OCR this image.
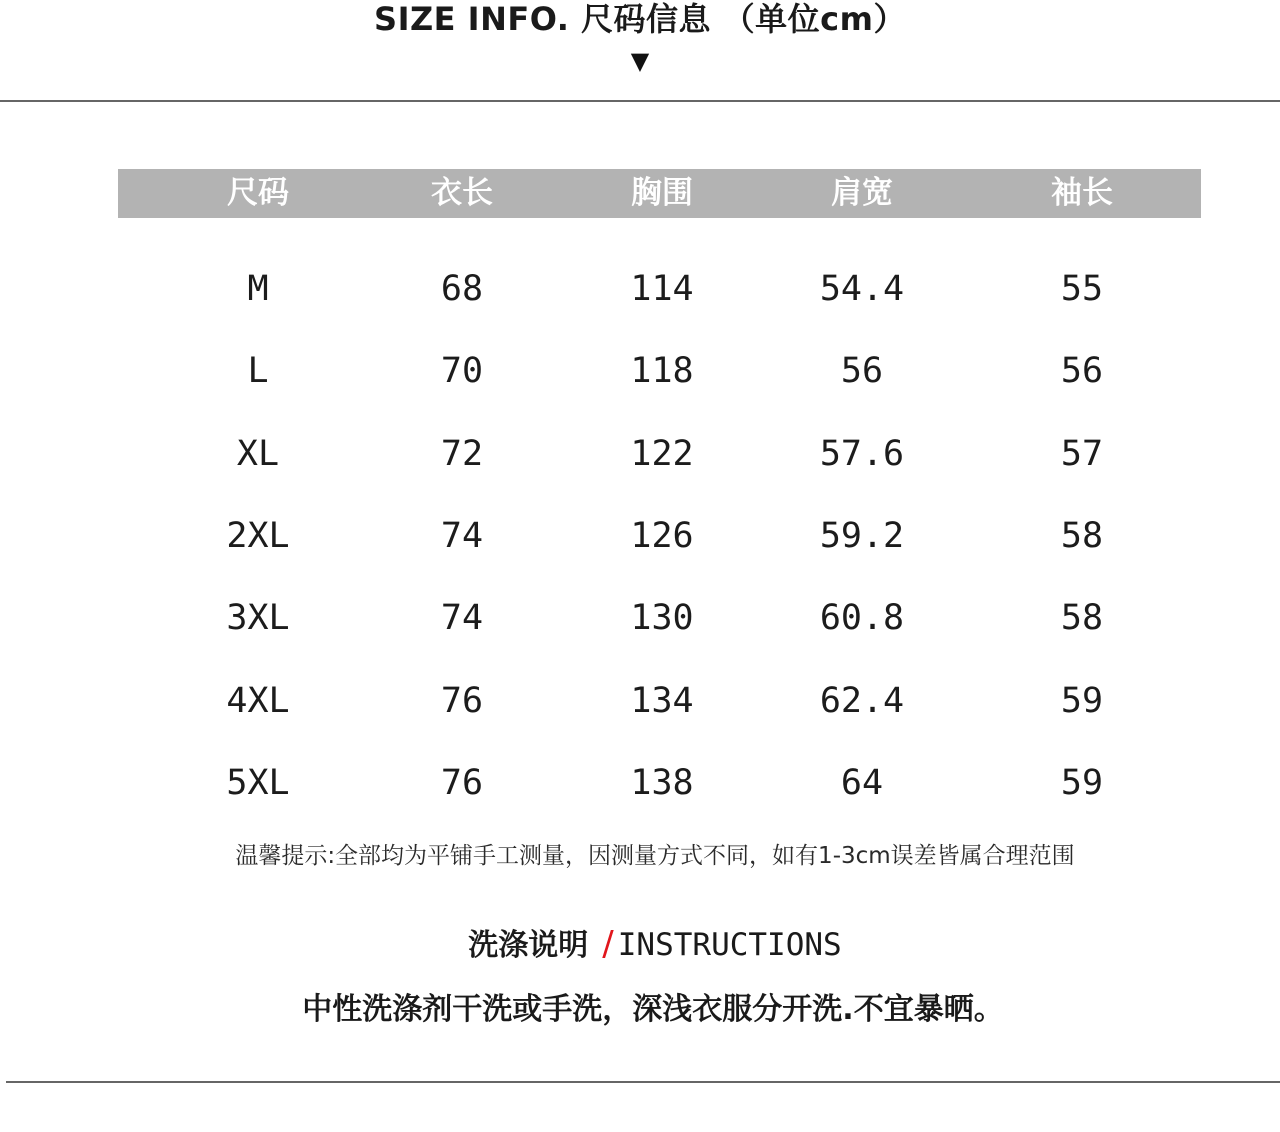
SIZE INFO. 尺码信息 （单位cm）
▼
尺码	衣长	胸围	肩宽	袖长
M	68	114	54.4	55
L	70	118	56	56
XL	72	122	57.6	57
2XL	74	126	59.2	58
3XL	74	130	60.8	58
4XL	76	134	62.4	59
5XL	76	138	64	59
温馨提示:全部均为平铺手工测量，因测量方式不同，如有1-3cm误差皆属合理范围
洗涤说明 / INSTRUCTIONS
中性洗涤剂干洗或手洗，深浅衣服分开洗.不宜暴晒。
